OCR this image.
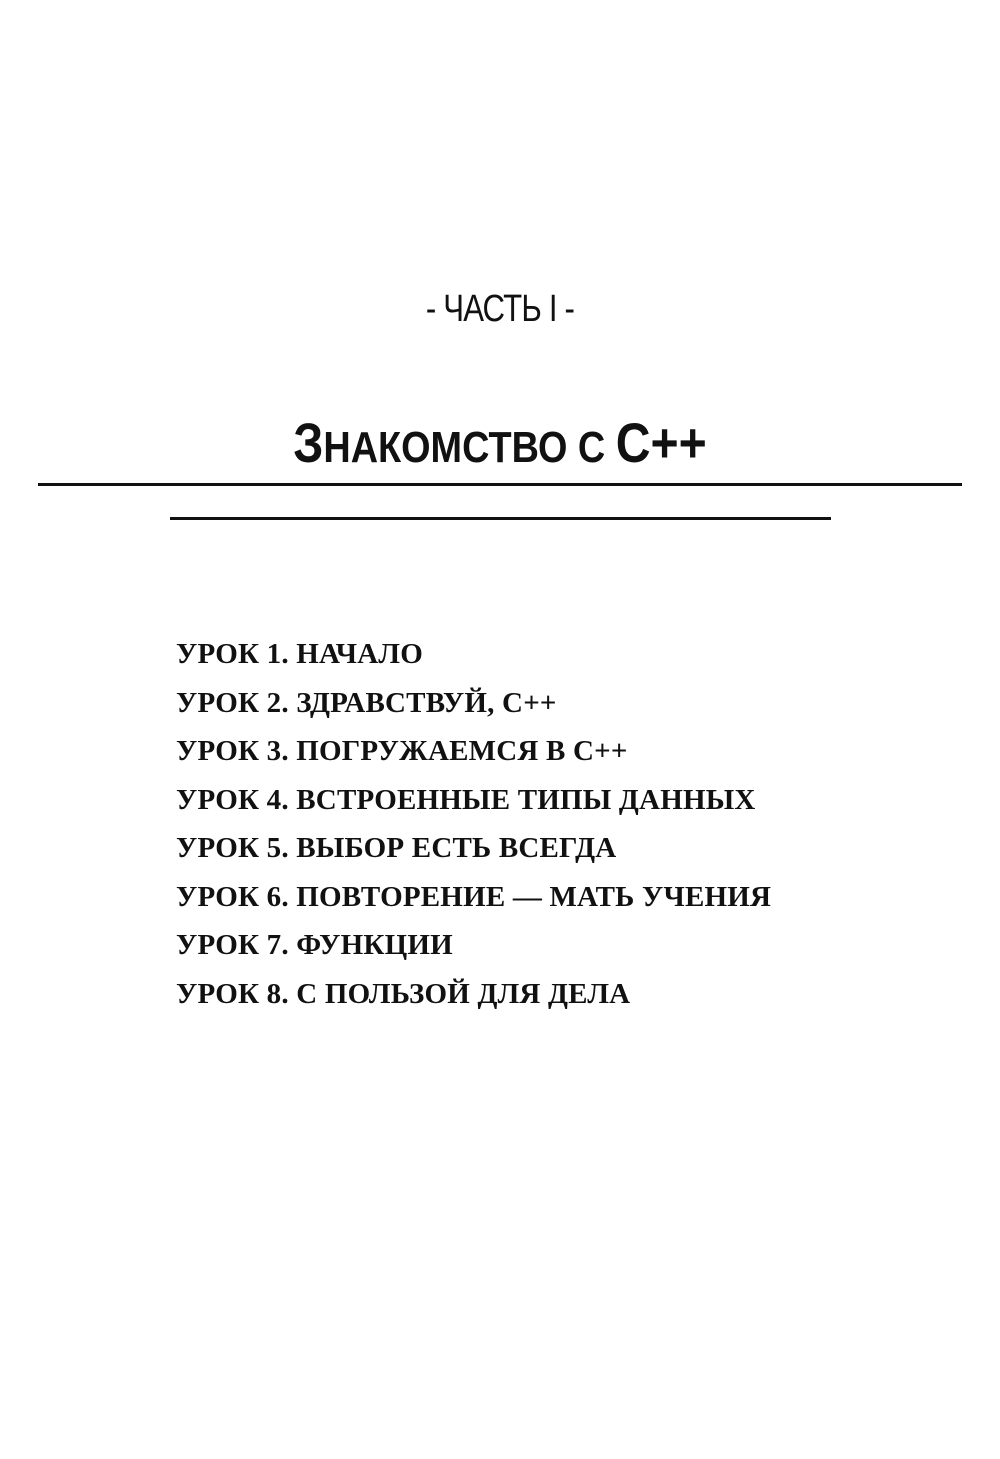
- ЧАСТЬ I -
ЗНАКОМСТВО С C++
УРОК 1. НАЧАЛО
УРОК 2. ЗДРАВСТВУЙ, С++
УРОК 3. ПОГРУЖАЕМСЯ В С++
УРОК 4. ВСТРОЕННЫЕ ТИПЫ ДАННЫХ
УРОК 5. ВЫБОР ЕСТЬ ВСЕГДА
УРОК 6. ПОВТОРЕНИЕ — МАТЬ УЧЕНИЯ
УРОК 7. ФУНКЦИИ
УРОК 8. С ПОЛЬЗОЙ ДЛЯ ДЕЛА
